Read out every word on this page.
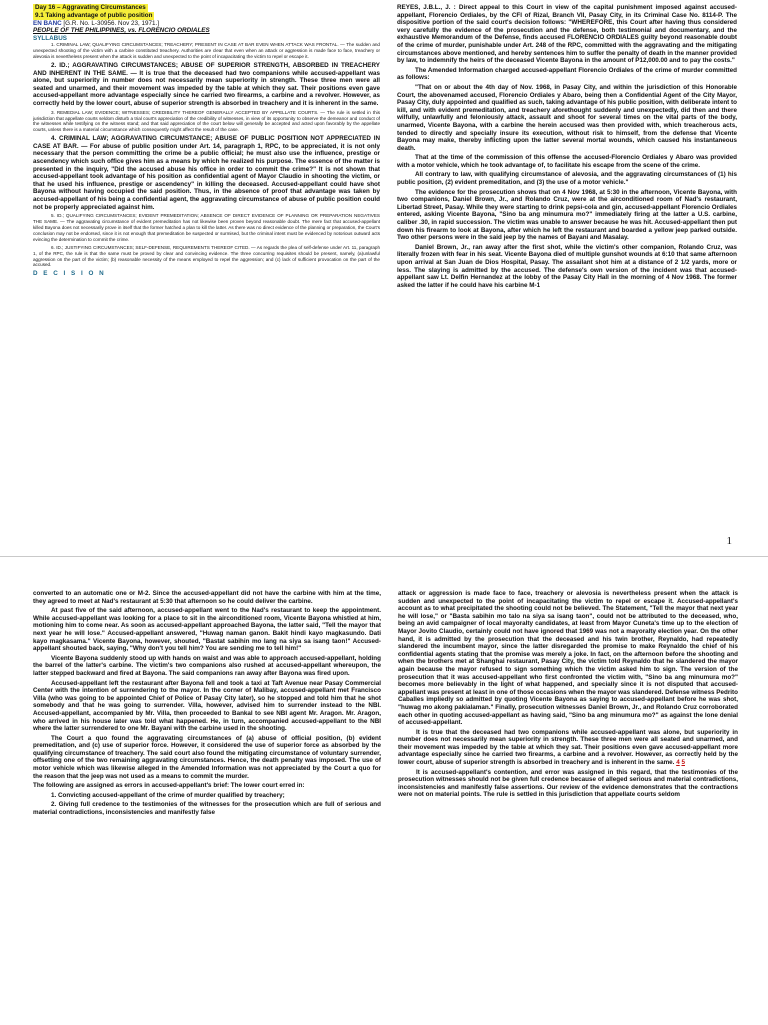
Day 16 – Aggravating Circumstances
9.1 Taking advantage of public position
EN BANC [G.R. No. L-30956. Nov 23, 1971.]
PEOPLE OF THE PHILIPPINES, vs. FLORENCIO ORDIALES
SYLLABUS

1. CRIMINAL LAW; QUALIFYING CIRCUMSTANCES; TREACHERY; PRESENT IN CASE AT BAR EVEN WHEN ATTACK WAS FRONTAL. — The sudden and unexpected shooting of the victim with a carbine constituted treachery. Authorities are clear that even when an attack or aggression is made face to face, treachery or alevosia is nevertheless present when the attack is sudden and unexpected to the point of incapacitating the victim to repel or escape it.

2. ID.; AGGRAVATING CIRCUMSTANCES; ABUSE OF SUPERIOR STRENGTH, ABSORBED IN TREACHERY AND INHERENT IN THE SAME. — It is true that the deceased had two companions while accused-appellant was alone, but superiority in number does not necessarily mean superiority in strength. These three men were all seated and unarmed, and their movement was impeded by the table at which they sat. Their positions even gave accused-appellant more advantage especially since he carried two firearms, a carbine and a revolver. However, as correctly held by the lower court, abuse of superior strength is absorbed in treachery and it is inherent in the same.

3. REMEDIAL LAW; EVIDENCE; WITNESSES; CREDIBILITY THEREOF GENERALLY ACCEPTED BY APPELLATE COURTS. — The rule is settled in this jurisdiction that appellate courts seldom disturb a trial court's appreciation of the credibility of witnesses, in view of its opportunity to observe the demeanor and conduct of the witnesses while testifying on the witness stand; and that said appreciation of the court below will generally be accepted and acted upon favorably by the appellate courts, unless there is a material circumstance which consequently might affect the result of the case.

4. CRIMINAL LAW; AGGRAVATING CIRCUMSTANCE; ABUSE OF PUBLIC POSITION NOT APPRECIATED IN CASE AT BAR. — For abuse of public position under Art. 14, paragraph 1, RPC, to be appreciated, it is not only necessary that the person committing the crime be a public official; he must also use the influence, prestige or ascendency which such office gives him as a means by which he realized his purpose. The essence of the matter is presented in the inquiry, "Did the accused abuse his office in order to commit the crime?" It is not shown that accused-appellant took advantage of his position as confidential agent of Mayor Claudio in shooting the victim, or that he used his influence, prestige or ascendency" in killing the deceased. Accused-appellant could have shot Bayona without having occupied the said position. Thus, in the absence of proof that advantage was taken by accused-appellant of his being a confidential agent, the aggravating circumstance of abuse of public position could not be properly appreciated against him.

5. ID.; QUALIFYING CIRCUMSTANCES; EVIDENT PREMEDITATION; ABSENCE OF DIRECT EVIDENCE OF PLANNING OR PREPARATION NEGATIVES THE SAME. — The aggravating circumstance of evident premeditation has not likewise been proven beyond reasonable doubt. The mere fact that accused-appellant killed Bayona does not necessarily prove in itself that the former hatched a plan to kill the latter. As there was no direct evidence of the planning or preparation, the Court's conclusion may not be endorsed, since it is not enough that premeditation be suspected or surmised, but the criminal intent must be evidenced by notorious outward acts evincing the determination to commit the crime.

6. ID.; JUSTIFYING CIRCUMSTANCES; SELF-DEFENSE, REQUIREMENTS THEREOF CITED. — As regards the plea of self-defense under Art. 11, paragraph 1, of the RPC, the rule is that the same must be proved by clear and convincing evidence. The three concurring requisites should be present, namely, (a)unlawful aggression on the part of the victim; (b) reasonable necessity of the means employed to repel the aggression; and (c) lack of sufficient provocation on the part of the accused.

D E C I S I O N

REYES, J.B.L., J. : Direct appeal to this Court in view of the capital punishment imposed against accused-appellant, Florencio Ordiales, by the CFI of Rizal, Branch VII, Pasay City, in its Criminal Case No. 8114-P. The dispositive portion of the said court's decision follows: "WHEREFORE, this Court after having thus considered very carefully the evidence of the prosecution and the defense, both testimonial and documentary, and the exhaustive Memorandum of the Defense, finds accused FLORENCIO ORDIALES guilty beyond reasonable doubt of the crime of murder, punishable under Art. 248 of the RPC, committed with the aggravating and the mitigating circumstances above mentioned, and hereby sentences him to suffer the penalty of death in the manner provided by law, to indemnify the heirs of the deceased Vicente Bayona in the amount of P12,000.00 and to pay the costs."

The Amended Information charged accused-appellant Florencio Ordiales of the crime of murder committed as follows:

"That on or about the 4th day of Nov. 1968, in Pasay City, and within the jurisdiction of this Honorable Court, the abovenamed accused, Florencio Ordiales y Abaro, being then a Confidential Agent of the City Mayor, Pasay City, duly appointed and qualified as such, taking advantage of his public position, with deliberate intent to kill, and with evident premeditation, and treachery aforethought suddenly and unexpectedly, did then and there wilfully, unlawfully and feloniously attack, assault and shoot for several times on the vital parts of the body, unarmed, Vicente Bayona, with a carbine the herein accused was then provided with, which treacherous acts, tended to directly and specially insure its execution, without risk to himself, from the defense that Vicente Bayona may make, thereby inflicting upon the latter several mortal wounds, which caused his instantaneous death.

That at the time of the commission of this offense the accused-Florencio Ordiales y Abaro was provided with a motor vehicle, which he took advantage of, to facilitate his escape from the scene of the crime.

All contrary to law, with qualifying circumstance of alevosia, and the aggravating circumstances of (1) his public position, (2) evident premeditation, and (3) the use of a motor vehicle."

The evidence for the prosecution shows that on 4 Nov 1968, at 5:30 in the afternoon, Vicente Bayona, with two companions, Daniel Brown, Jr., and Rolando Cruz, were at the airconditioned room of Nad's restaurant, Libertad Street, Pasay. While they were starting to drink pepsi-cola and gin, accused-appellant Florencio Ordiales entered, asking Vicente Bayona, "Sino ba ang minumura mo?" immediately firing at the latter a U.S. carbine, caliber .30, in rapid succession. The victim was unable to answer because he was hit. Accused-appellant then put down his firearm to look at Bayona, after which he left the restaurant and boarded a yellow jeep parked outside. Two other persons were in the said jeep by the names of Bayani and Masalay.

Daniel Brown, Jr., ran away after the first shot, while the victim's other companion, Rolando Cruz, was literally frozen with fear in his seat. Vicente Bayona died of multiple gunshot wounds at 6:10 that same afternoon upon arrival at San Juan de Dios Hospital, Pasay. The assailant shot him at a distance of 2 1/2 yards, more or less. The slaying is admitted by the accused. The defense's own version of the incident was that accused-appellant saw Lt. Delfin Hernandez at the lobby of the Pasay City Hall in the morning of 4 Nov 1968. The former asked the latter if he could have his carbine M-1

1

converted to an automatic one or M-2. Since the accused-appellant did not have the carbine with him at the time, they agreed to meet at Nad's restaurant at 5:30 that afternoon so he could deliver the carbine.

At past five of the said afternoon, accused-appellant went to the Nad's restaurant to keep the appointment. While accused-appellant was looking for a place to sit in the airconditioned room, Vicente Bayona whistled at him, motioning him to come near. As soon as accused-appellant approached Bayona, the latter said, "Tell the mayor that next year he will lose." Accused-appellant answered, "Huwag naman ganon. Bakit hindi kayo magkasundo. Dati kayo magkasama." Vicente Bayona, however, shouted, "Bastat sabihin mo lang na siya sa isang taon!" Accused-appellant shouted back, saying, "Why don't you tell him? You are sending me to tell him!"

Vicente Bayona suddenly stood up with hands on waist and was able to approach accused-appellant, holding the barrel of the latter's carbine. The victim's two companions also rushed at accused-appellant whereupon, the latter stepped backward and fired at Bayona. The said companions ran away after Bayona was fired upon.

Accused-appellant left the restaurant after Bayona fell and took a taxi at Taft Avenue near Pasay Commercial Center with the intention of surrendering to the mayor. In the corner of Malibay, accused-appellant met Francisco Villa (who was going to be appointed Chief of Police of Pasay City later), so he stopped and told him that he shot somebody and that he was going to surrender. Villa, however, advised him to surrender instead to the NBI. Accused-appellant, accompanied by Mr. Villa, then proceeded to Bankal to see NBI agent Mr. Aragon. Mr. Aragon, who arrived in his house later was told what happened. He, in turn, accompanied accused-appellant to the NBI where the latter surrendered to one Mr. Bayani with the carbine used in the shooting.

The Court a quo found the aggravating circumstances of (a) abuse of official position, (b) evident premeditation, and (c) use of superior force. However, it considered the use of superior force as absorbed by the qualifying circumstance of treachery. The said court also found the mitigating circumstance of voluntary surrender, offsetting one of the two remaining aggravating circumstances. Hence, the death penalty was imposed. The use of motor vehicle which was likewise alleged in the Amended Information was not appreciated by the Court a quo for the reason that the jeep was not used as a means to commit the murder.

The following are assigned as errors in accused-appellant's brief: The lower court erred in:

1. Convicting accused-appellant of the crime of murder qualified by treachery;

2. Giving full credence to the testimonies of the witnesses for the prosecution which are full of serious and material contradictions, inconsistencies and manifestly false

attack or aggression is made face to face, treachery or alevosia is nevertheless present when the attack is sudden and unexpected to the point of incapacitating the victim to repel or escape it. Accused-appellant's account as to what precipitated the shooting could not be believed. The Statement, "Tell the mayor that next year he will lose," or "Basta sabihin mo talo na siya sa isang taon", could not be attributed to the deceased, who, being an avid campaigner of local mayoralty candidates, at least from Mayor Cuneta's time up to the election of Mayor Jovito Claudio, certainly could not have ignored that 1969 was not a mayoralty election year. On the other hand, it is admitted by the prosecution that the deceased and his twin brother, Reynaldo, had repeatedly slandered the incumbent mayor, since the latter disregarded the promise to make Reynaldo the chief of his confidential agents stating that the promise was merely a joke. In fact, on the afternoon before the shooting and when the brothers met at Shanghai restaurant, Pasay City, the victim told Reynaldo that he slandered the mayor again because the mayor refused to sign something which the victim asked him to sign. The version of the prosecution that it was accused-appellant who first confronted the victim with, "Sino ba ang minumura mo?" becomes more believably in the light of what happened, and specially since it is not disputed that accused-appellant was present at least in one of those occasions when the mayor was slandered. Defense witness Pedrito Caballes impliedly so admitted by quoting Vicente Bayona as saying to accused-appellant before he was shot, "huwag mo akong pakialaman." Finally, prosecution witnesses Daniel Brown, Jr., and Rolando Cruz corroborated each other in quoting accused-appellant as having said, "Sino ba ang minumura mo?" as against the lone denial of accused-appellant.

It is true that the deceased had two companions while accused-appellant was alone, but superiority in number does not necessarily mean superiority in strength. These three men were all seated and unarmed, and their movement was impeded by the table at which they sat. Their positions even gave accused-appellant more advantage especially since he carried two firearms, a carbine and a revolver. However, as correctly held by the lower court, abuse of superior strength is absorbed in treachery and is inherent in the same. 4 5

It is accused-appellant's contention, and error was assigned in this regard, that the testimonies of the prosecution witnesses should not be given full credence because of alleged serious and material contradictions, inconsistencies and manifestly false assertions. Our review of the evidence demonstrates that the contractions were not on material points. The rule is settled in this jurisdiction that appellate courts seldom
